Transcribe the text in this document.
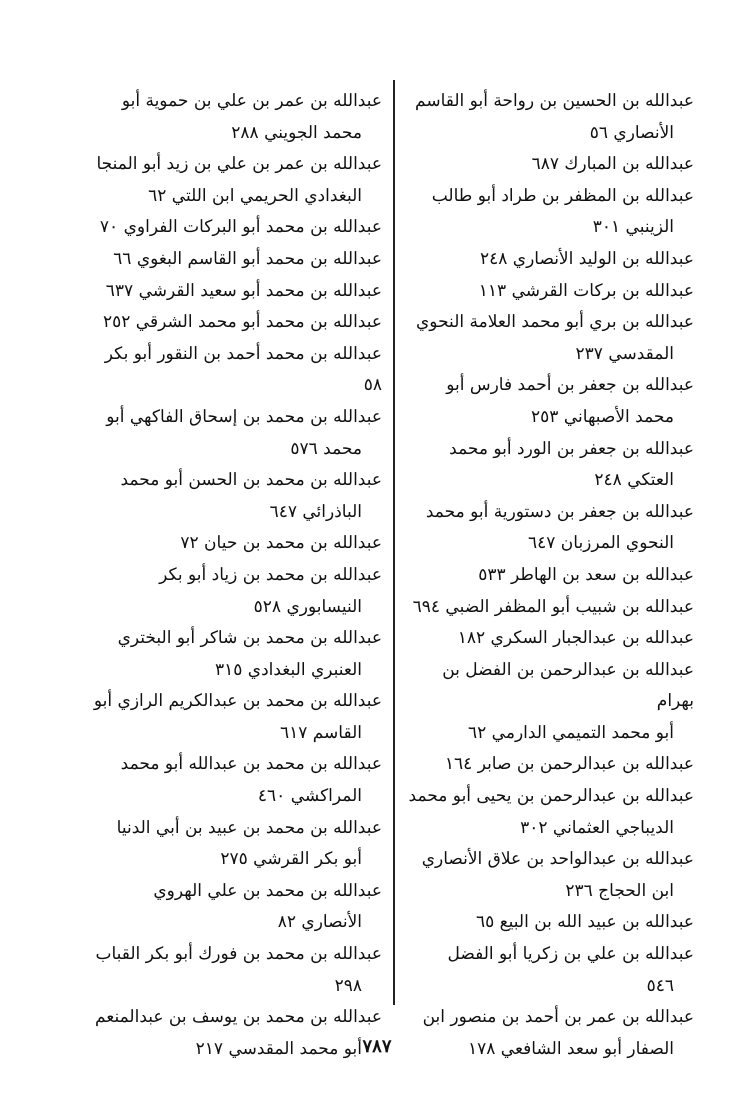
عبدالله بن الحسين بن رواحة أبو القاسم
الأنصاري ٥٦
عبدالله بن المبارك ٦٨٧
عبدالله بن المظفر بن طراد أبو طالب
الزينبي ٣٠١
عبدالله بن الوليد الأنصاري ٢٤٨
عبدالله بن بركات القرشي ١١٣
عبدالله بن بري أبو محمد العلامة النحوي
المقدسي ٢٣٧
عبدالله بن جعفر بن أحمد فارس أبو
محمد الأصبهاني ٢٥٣
عبدالله بن جعفر بن الورد أبو محمد
العتكي ٢٤٨
عبدالله بن جعفر بن دستورية أبو محمد
النحوي المرزبان ٦٤٧
عبدالله بن سعد بن الهاطر ٥٣٣
عبدالله بن شبيب أبو المظفر الضبي ٦٩٤
عبدالله بن عبدالجبار السكري ١٨٢
عبدالله بن عبدالرحمن بن الفضل بن بهرام
أبو محمد التميمي الدارمي ٦٢
عبدالله بن عبدالرحمن بن صابر ١٦٤
عبدالله بن عبدالرحمن بن يحيى أبو محمد
الديباجي العثماني ٣٠٢
عبدالله بن عبدالواحد بن علاق الأنصاري
ابن الحجاج ٢٣٦
عبدالله بن عبيد الله بن البيع ٦٥
عبدالله بن علي بن زكريا أبو الفضل
٥٤٦
عبدالله بن عمر بن أحمد بن منصور ابن
الصفار أبو سعد الشافعي ١٧٨
عبدالله بن عمر بن علي بن حموية أبو
محمد الجويني ٢٨٨
عبدالله بن عمر بن علي بن زيد أبو المنجا
البغدادي الحريمي ابن اللتي ٦٢
عبدالله بن محمد أبو البركات الفراوي ٧٠
عبدالله بن محمد أبو القاسم البغوي ٦٦
عبدالله بن محمد أبو سعيد القرشي ٦٣٧
عبدالله بن محمد أبو محمد الشرقي ٢٥٢
عبدالله بن محمد أحمد بن النقور أبو بكر ٥٨
عبدالله بن محمد بن إسحاق الفاكهي أبو
محمد ٥٧٦
عبدالله بن محمد بن الحسن أبو محمد
الباذرائي ٦٤٧
عبدالله بن محمد بن حيان ٧٢
عبدالله بن محمد بن زياد أبو بكر
النيسابوري ٥٢٨
عبدالله بن محمد بن شاكر أبو البختري
العنبري البغدادي ٣١٥
عبدالله بن محمد بن عبدالكريم الرازي أبو
القاسم ٦١٧
عبدالله بن محمد بن عبدالله أبو محمد
المراكشي ٤٦٠
عبدالله بن محمد بن عبيد بن أبي الدنيا
أبو بكر القرشي ٢٧٥
عبدالله بن محمد بن علي الهروي
الأنصاري ٨٢
عبدالله بن محمد بن فورك أبو بكر القباب
٢٩٨
عبدالله بن محمد بن يوسف بن عبدالمنعم
أبو محمد المقدسي ٢١٧ ٧٨٧
